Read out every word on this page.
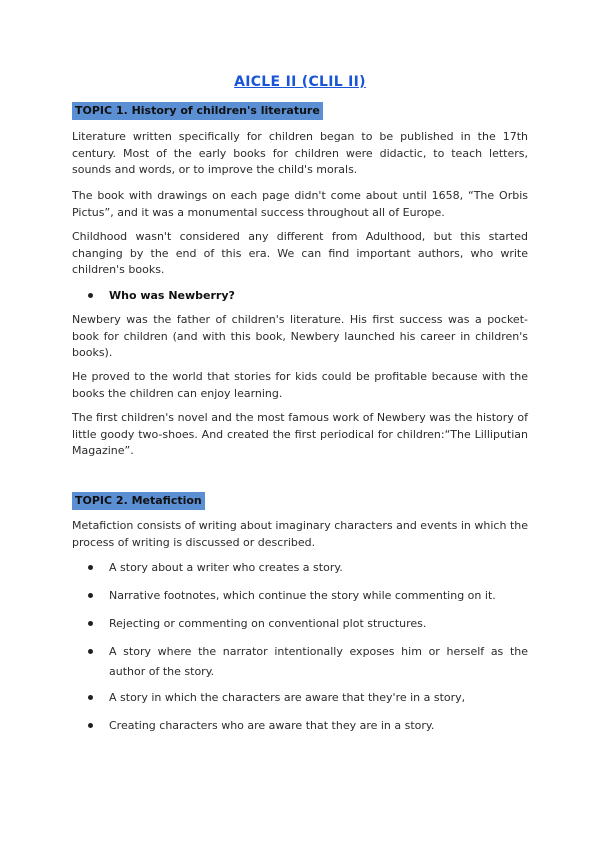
AICLE II (CLIL II)
TOPIC 1. History of children's literature

Literature written specifically for children began to be published in the 17th century. Most of the early books for children were didactic, to teach letters, sounds and words, or to improve the child's morals.

The book with drawings on each page didn't come about until 1658, “The Orbis Pictus”, and it was a monumental success throughout all of Europe.

Childhood wasn't considered any different from Adulthood, but this started changing by the end of this era. We can find important authors, who write children's books.

Who was Newberry?

Newbery was the father of children's literature. His first success was a pocket-book for children (and with this book, Newbery launched his career in children's books).

He proved to the world that stories for kids could be profitable because with the books the children can enjoy learning.

The first children's novel and the most famous work of Newbery was the history of little goody two-shoes. And created the first periodical for children:“The Lilliputian Magazine”.

TOPIC 2. Metafiction

Metafiction consists of writing about imaginary characters and events in which the process of writing is discussed or described.

A story about a writer who creates a story.
Narrative footnotes, which continue the story while commenting on it.
Rejecting or commenting on conventional plot structures.
A story where the narrator intentionally exposes him or herself as the author of the story.
A story in which the characters are aware that they're in a story,
Creating characters who are aware that they are in a story.
